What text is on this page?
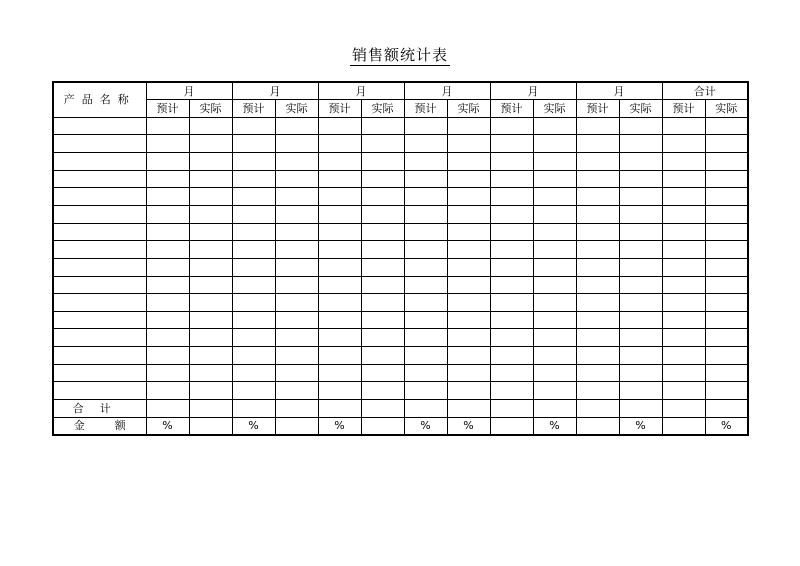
销售额统计表
产品名称	月		月		月		月		月		月		合计	
	预计	实际	预计	实际	预计	实际	预计	实际	预计	实际	预计	实际	预计	实际

合计														
金 额	%		%		%		%	%		%		%		%
